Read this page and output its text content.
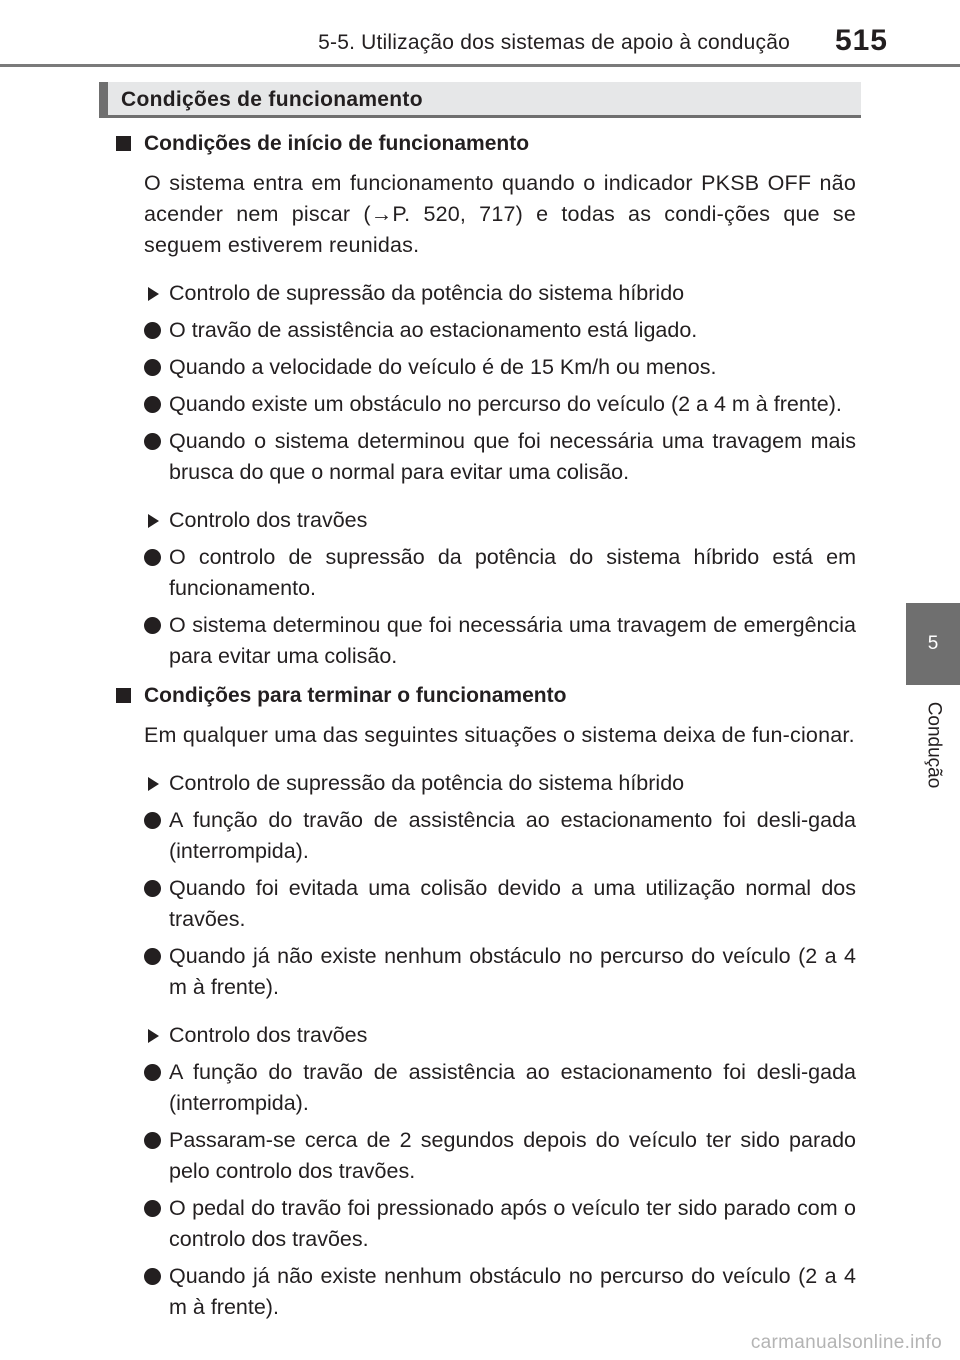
5-5. Utilização dos sistemas de apoio à condução 515
5
Condução
Condições de funcionamento
Condições de início de funcionamento
O sistema entra em funcionamento quando o indicador PKSB OFF não acender nem piscar (→P. 520, 717) e todas as condi-ções que se seguem estiverem reunidas.
Controlo de supressão da potência do sistema híbrido
O travão de assistência ao estacionamento está ligado.
Quando a velocidade do veículo é de 15 Km/h ou menos.
Quando existe um obstáculo no percurso do veículo (2 a 4 m à frente).
Quando o sistema determinou que foi necessária uma travagem mais brusca do que o normal para evitar uma colisão.
Controlo dos travões
O controlo de supressão da potência do sistema híbrido está em funcionamento.
O sistema determinou que foi necessária uma travagem de emergência para evitar uma colisão.
Condições para terminar o funcionamento
Em qualquer uma das seguintes situações o sistema deixa de fun-cionar.
Controlo de supressão da potência do sistema híbrido
A função do travão de assistência ao estacionamento foi desli-gada (interrompida).
Quando foi evitada uma colisão devido a uma utilização normal dos travões.
Quando já não existe nenhum obstáculo no percurso do veículo (2 a 4 m à frente).
Controlo dos travões
A função do travão de assistência ao estacionamento foi desli-gada (interrompida).
Passaram-se cerca de 2 segundos depois do veículo ter sido parado pelo controlo dos travões.
O pedal do travão foi pressionado após o veículo ter sido parado com o controlo dos travões.
Quando já não existe nenhum obstáculo no percurso do veículo (2 a 4 m à frente).
carmanualsonline.info
